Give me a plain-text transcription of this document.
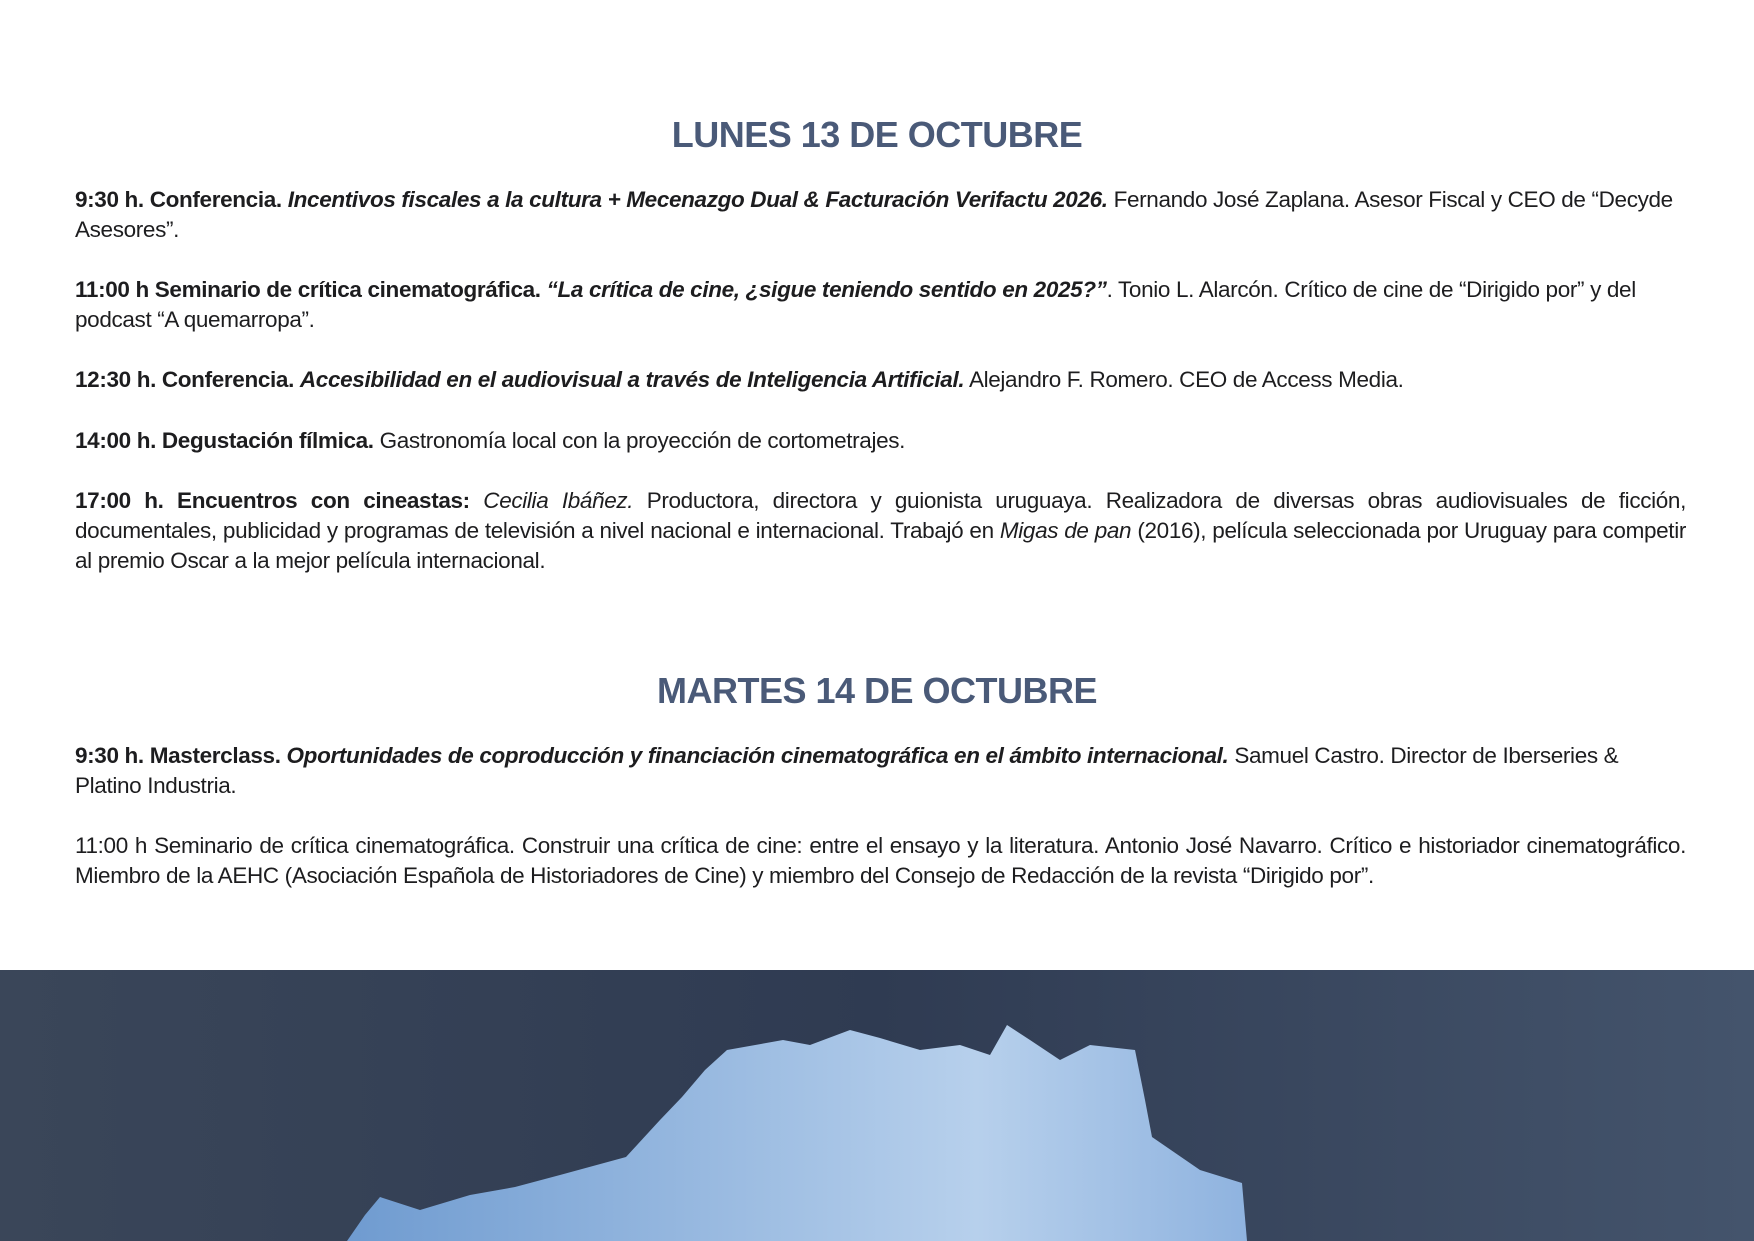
LUNES 13 DE OCTUBRE

9:30 h. Conferencia. Incentivos fiscales a la cultura + Mecenazgo Dual & Facturación Verifactu 2026. Fernando José Zaplana. Asesor Fiscal y CEO de “Decyde Asesores”.

11:00 h Seminario de crítica cinematográfica. “La crítica de cine, ¿sigue teniendo sentido en 2025?”. Tonio L. Alarcón. Crítico de cine de “Dirigido por” y del podcast “A quemarropa”.

12:30 h. Conferencia. Accesibilidad en el audiovisual a través de Inteligencia Artificial. Alejandro F. Romero. CEO de Access Media.

14:00 h. Degustación fílmica. Gastronomía local con la proyección de cortometrajes.

17:00 h. Encuentros con cineastas: Cecilia Ibáñez. Productora, directora y guionista uruguaya. Realizadora de diversas obras audiovisuales de ficción, documentales, publicidad y programas de televisión a nivel nacional e internacional. Trabajó en Migas de pan (2016), película seleccionada por Uruguay para competir al premio Oscar a la mejor película internacional.

MARTES 14 DE OCTUBRE

9:30 h. Masterclass. Oportunidades de coproducción y financiación cinematográfica en el ámbito internacional. Samuel Castro. Director de Iberseries & Platino Industria.

11:00 h Seminario de crítica cinematográfica. Construir una crítica de cine: entre el ensayo y la literatura. Antonio José Navarro. Crítico e historiador cinematográfico. Miembro de la AEHC (Asociación Española de Historiadores de Cine) y miembro del Consejo de Redacción de la revista “Dirigido por”.
